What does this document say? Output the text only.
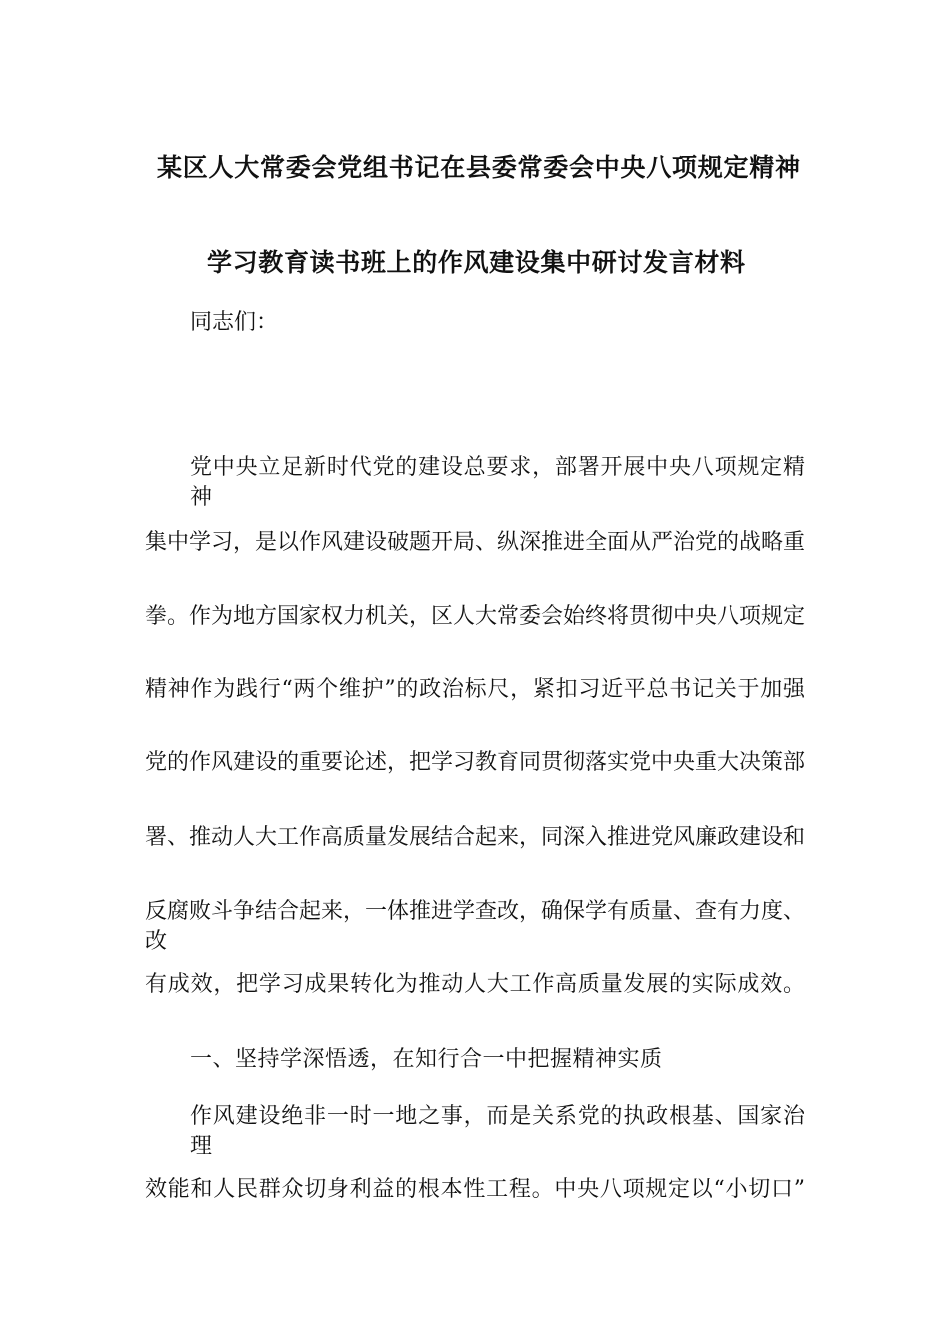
某区人大常委会党组书记在县委常委会中央八项规定精神
学习教育读书班上的作风建设集中研讨发言材料
同志们：
党中央立足新时代党的建设总要求，部署开展中央八项规定精神
集中学习，是以作风建设破题开局、纵深推进全面从严治党的战略重
拳。作为地方国家权力机关，区人大常委会始终将贯彻中央八项规定
精神作为践行“两个维护”的政治标尺，紧扣习近平总书记关于加强
党的作风建设的重要论述，把学习教育同贯彻落实党中央重大决策部
署、推动人大工作高质量发展结合起来，同深入推进党风廉政建设和
反腐败斗争结合起来，一体推进学查改，确保学有质量、查有力度、改
有成效，把学习成果转化为推动人大工作高质量发展的实际成效。
一、坚持学深悟透，在知行合一中把握精神实质
作风建设绝非一时一地之事，而是关系党的执政根基、国家治理
效能和人民群众切身利益的根本性工程。中央八项规定以“小切口”
